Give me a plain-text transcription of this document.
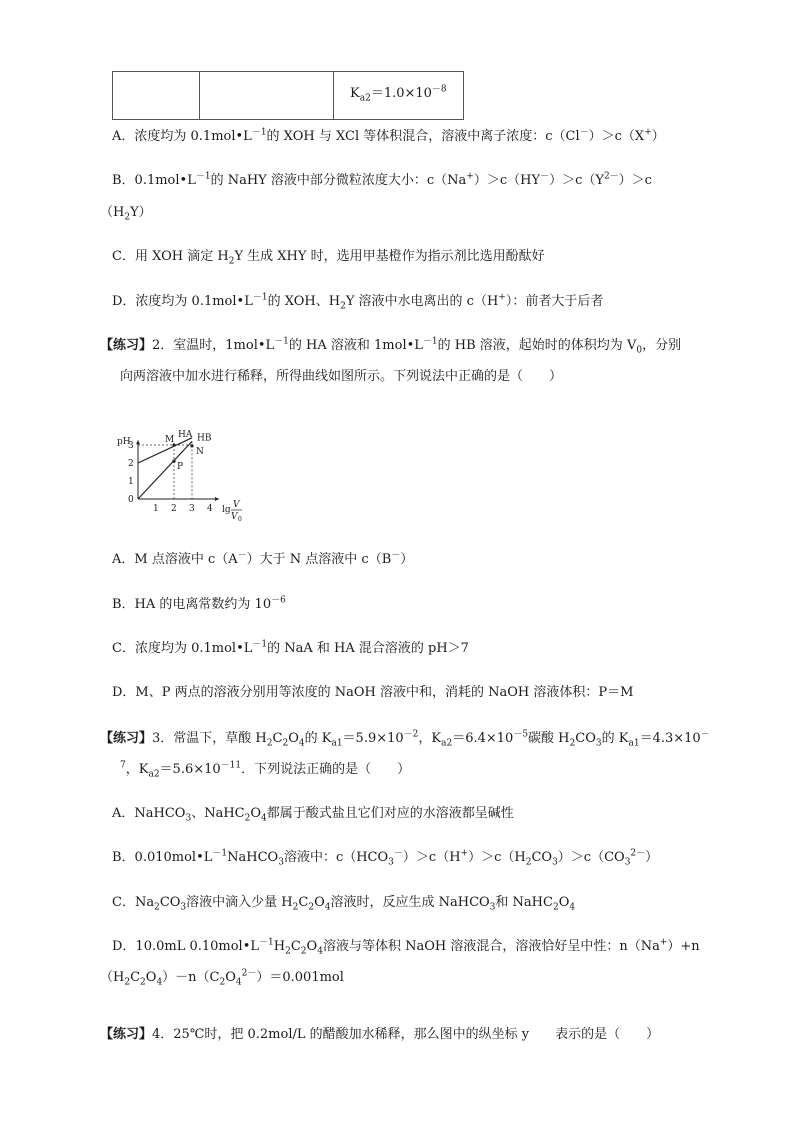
$K_{a2}=1.0\times 10^{-8}$
A．浓度均为 $0.1mol•L^{-1}$的 XOH 与 XCl 等体积混合，溶液中离子浓度：c（Cl－）＞c（X+）
B．$0.1mol•L^{-1}$的 NaHY 溶液中部分微粒浓度大小：$c(Na^+)>c(HY^-)>c(Y^{2-})>c$
$(H_2Y)$
C．用 XOH 滴定 $H_2Y$ 生成 XHY 时，选用甲基橙作为指示剂比选用酚酞好
D．浓度均为 $0.1mol•L^{-1}$的 XOH、$H_2Y$ 溶液中水电离出的 c（H+）：前者大于后者
【练习】2．室温时，$1mol•L^{-1}$的 HA 溶液和 $1mol•L^{-1}$的 HB 溶液，起始时的体积均为 $V_0$，分别
向两溶液中加水进行稀释，所得曲线如图所示。下列说法中正确的是（　　）
pH
lg V
V 0
1 2 3 4
0
1
2
3
HA HB
M
N
P
A．M 点溶液中 c（A－）大于 N 点溶液中 c（B－）
B．HA 的电离常数约为 $10^{-6}$
C．浓度均为 $0.1mol•L^{-1}$的 NaA 和 HA 混合溶液的 pH＞7
D．M、P 两点的溶液分别用等浓度的 NaOH 溶液中和，消耗的 NaOH 溶液体积：P＝M
【练习】3．常温下，草酸 $H_2C_2O_4$的 $K_{a1}=5.9\times 10^{-2}$，$K_{a2}=6.4\times 10^{-5}$碳酸 $H_2CO_3$的 $K_{a1}=4.3\times 10^-$
$^7$，$K_{a2}=5.6\times 10^{-11}$．下列说法正确的是（　　）
A．NaHCO$_3$、$NaHC_2O_4$都属于酸式盐且它们对应的水溶液都呈碱性
B．$0.010mol•L^{-1}NaHCO_3$溶液中：$c(HCO_3^-)>c(H^+)>c(H_2CO_3)>c(CO_3^{2-})$
C．$Na_2CO_3$溶液中滴入少量 $H_2C_2O_4$溶液时，反应生成 NaHCO$_3$和 $NaHC_2O_4$
D．10.0mL $0.10mol•L^{-1}H_2C_2O_4$溶液与等体积 NaOH 溶液混合，溶液恰好呈中性：n（Na+）+n
$(H_2C_2O_4)-n(C_2O_4^{2-})=0.001mol$
【练习】4．25℃时，把 0.2mol/L 的醋酸加水稀释，那么图中的纵坐标 y　　表示的是（　　）
